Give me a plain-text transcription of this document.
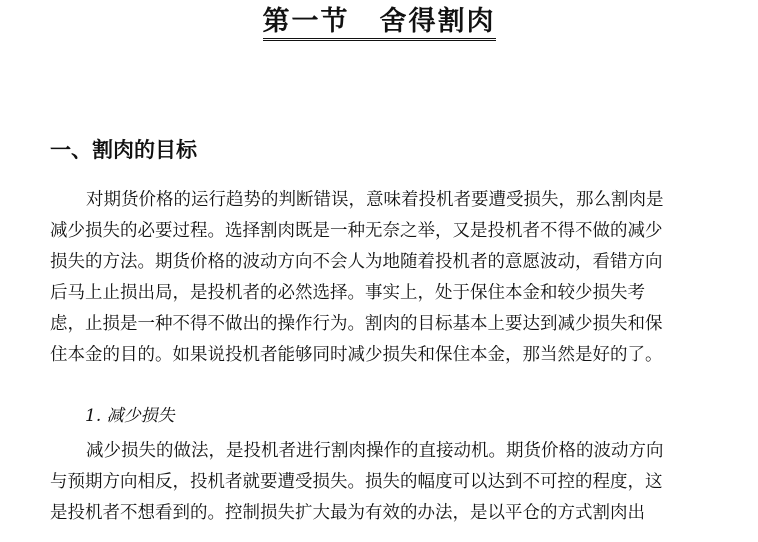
第一节 舍得割肉
一、割肉的目标
对期货价格的运行趋势的判断错误，意味着投机者要遭受损失，那么割肉是
减少损失的必要过程。选择割肉既是一种无奈之举，又是投机者不得不做的减少
损失的方法。期货价格的波动方向不会人为地随着投机者的意愿波动，看错方向
后马上止损出局，是投机者的必然选择。事实上，处于保住本金和较少损失考
虑，止损是一种不得不做出的操作行为。割肉的目标基本上要达到减少损失和保
住本金的目的。如果说投机者能够同时减少损失和保住本金，那当然是好的了。
1. 减少损失
减少损失的做法，是投机者进行割肉操作的直接动机。期货价格的波动方向
与预期方向相反，投机者就要遭受损失。损失的幅度可以达到不可控的程度，这
是投机者不想看到的。控制损失扩大最为有效的办法，是以平仓的方式割肉出
